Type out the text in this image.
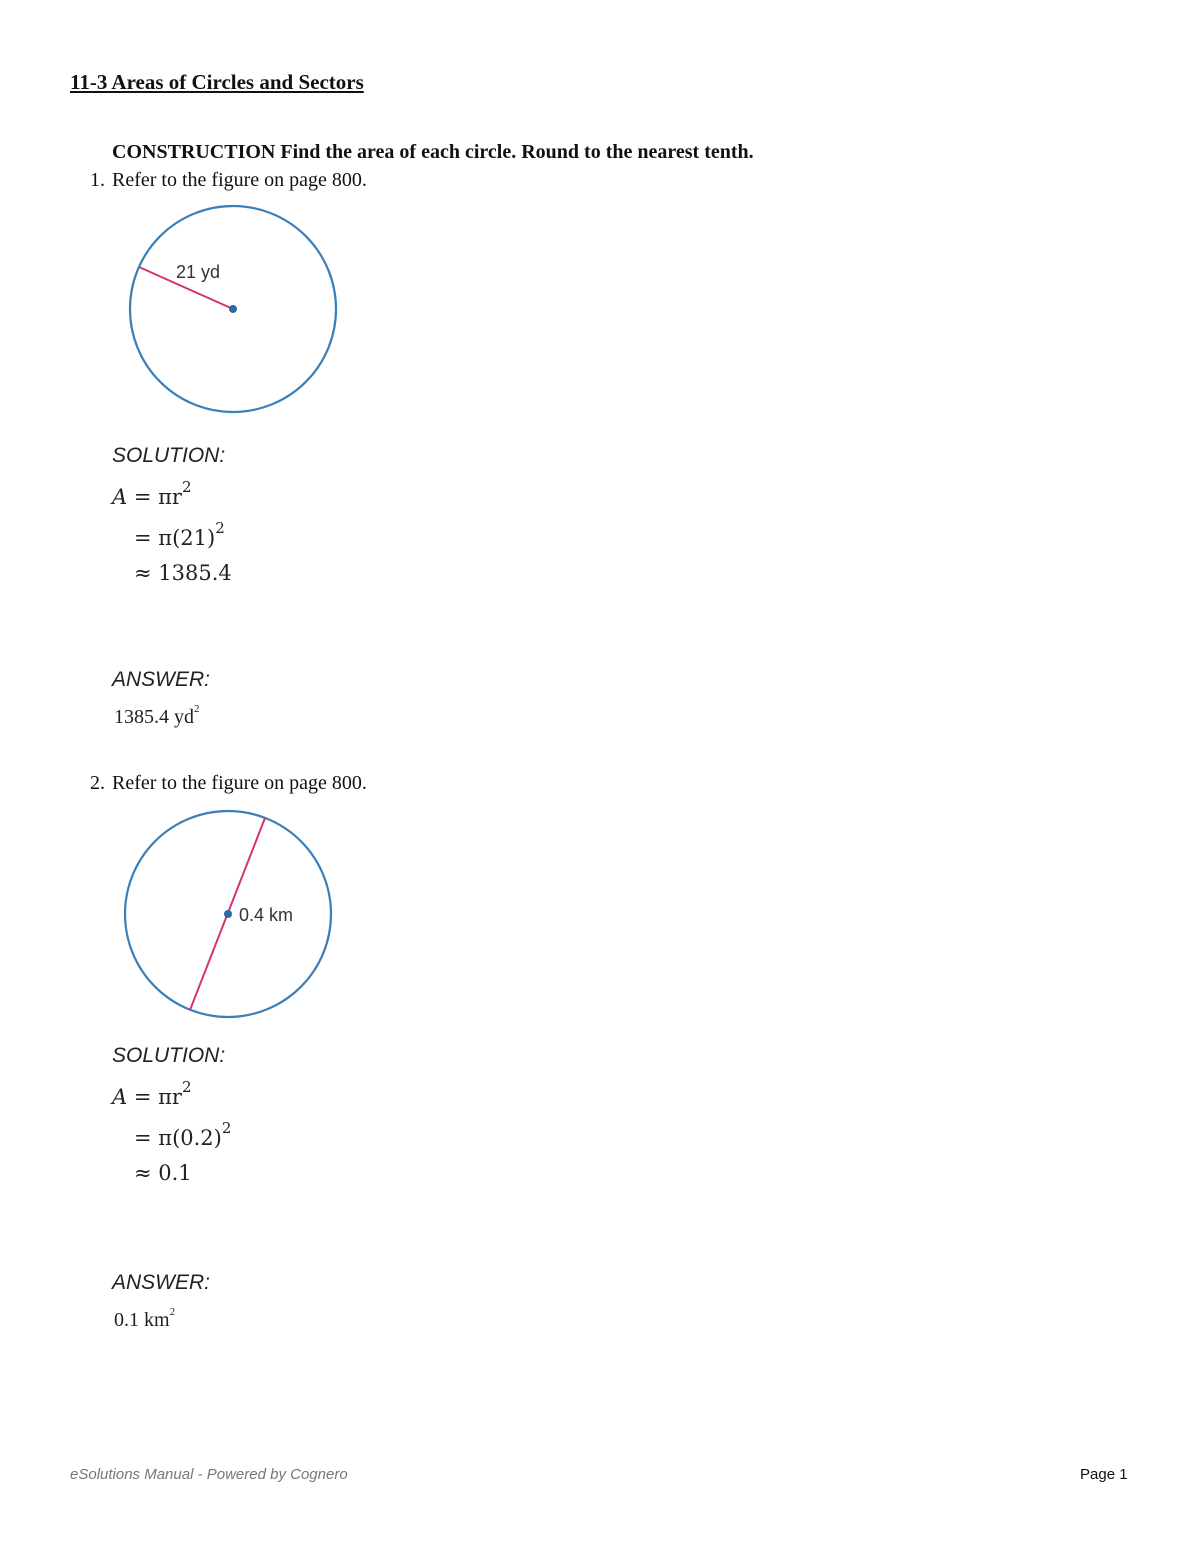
11-3 Areas of Circles and Sectors
CONSTRUCTION Find the area of each circle. Round to the nearest tenth.
1. Refer to the figure on page 800.
21 yd
SOLUTION:
$A = \pi r^2$
= $\pi(21)^2$
≈ 1385.4
ANSWER:
1385.4 $yd^2$
2. Refer to the figure on page 800.
0.4 km
SOLUTION:
$A = \pi r^2$
= $\pi(0.2)^2$
≈ 0.1
ANSWER:
0.1 $km^2$
eSolutions Manual - Powered by Cognero	Page 1
